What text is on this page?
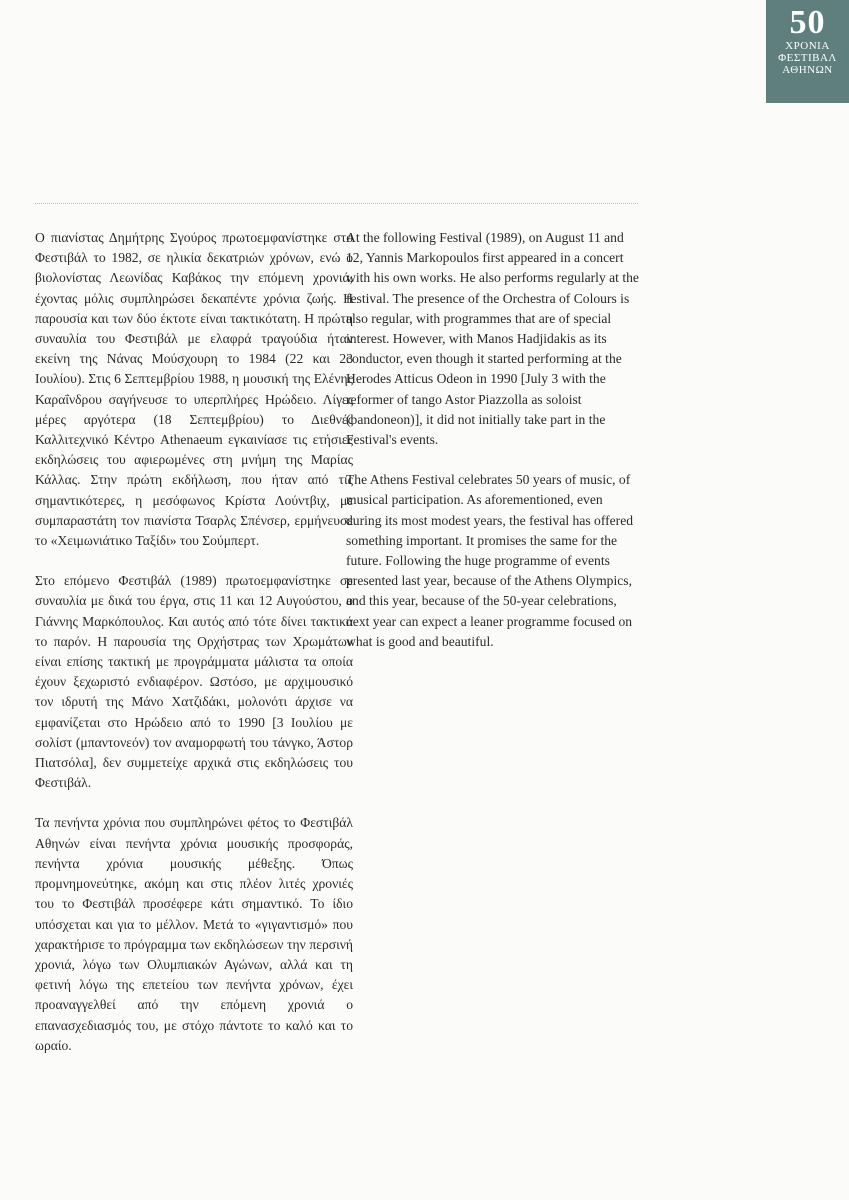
50
ΧΡΟΝΙΑ
ΦΕΣΤΙΒΑΛ
ΑΘΗΝΩΝ

Ο πιανίστας Δημήτρης Σγούρος πρωτοεμφανίστηκε στο Φεστιβάλ το 1982, σε ηλικία δεκατριών χρόνων, ενώ ο βιολονίστας Λεωνίδας Καβάκος την επόμενη χρονιά, έχοντας μόλις συμπληρώσει δεκαπέντε χρόνια ζωής. Η παρουσία και των δύο έκτοτε είναι τακτικότατη. Η πρώτη συναυλία του Φεστιβάλ με ελαφρά τραγούδια ήταν εκείνη της Νάνας Μούσχουρη το 1984 (22 και 23 Ιουλίου). Στις 6 Σεπτεμβρίου 1988, η μουσική της Ελένης Καραΐνδρου σαγήνευσε το υπερπλήρες Ηρώδειο. Λίγες μέρες αργότερα (18 Σεπτεμβρίου) το Διεθνές Καλλιτεχνικό Κέντρο Athenaeum εγκαινίασε τις ετήσιες εκδηλώσεις του αφιερωμένες στη μνήμη της Μαρίας Κάλλας. Στην πρώτη εκδήλωση, που ήταν από τις σημαντικότερες, η μεσόφωνος Κρίστα Λούντβιχ, με συμπαραστάτη τον πιανίστα Τσαρλς Σπένσερ, ερμήνευσε το «Χειμωνιάτικο Ταξίδι» του Σούμπερτ.

Στο επόμενο Φεστιβάλ (1989) πρωτοεμφανίστηκε σε συναυλία με δικά του έργα, στις 11 και 12 Αυγούστου, ο Γιάννης Μαρκόπουλος. Και αυτός από τότε δίνει τακτικά το παρόν. Η παρουσία της Ορχήστρας των Χρωμάτων είναι επίσης τακτική με προγράμματα μάλιστα τα οποία έχουν ξεχωριστό ενδιαφέρον. Ωστόσο, με αρχιμουσικό τον ιδρυτή της Μάνο Χατζιδάκι, μολονότι άρχισε να εμφανίζεται στο Ηρώδειο από το 1990 [3 Ιουλίου με σολίστ (μπαντονεόν) τον αναμορφωτή του τάνγκο, Άστορ Πιατσόλα], δεν συμμετείχε αρχικά στις εκδηλώσεις του Φεστιβάλ.

Τα πενήντα χρόνια που συμπληρώνει φέτος το Φεστιβάλ Αθηνών είναι πενήντα χρόνια μουσικής προσφοράς, πενήντα χρόνια μουσικής μέθεξης. Όπως προμνημονεύτηκε, ακόμη και στις πλέον λιτές χρονιές του το Φεστιβάλ προσέφερε κάτι σημαντικό. Το ίδιο υπόσχεται και για το μέλλον. Μετά το «γιγαντισμό» που χαρακτήρισε το πρόγραμμα των εκδηλώσεων την περσινή χρονιά, λόγω των Ολυμπιακών Αγώνων, αλλά και τη φετινή λόγω της επετείου των πενήντα χρόνων, έχει προαναγγελθεί από την επόμενη χρονιά ο επανασχεδιασμός του, με στόχο πάντοτε το καλό και το ωραίο.

At the following Festival (1989), on August 11 and 12, Yannis Markopoulos first appeared in a concert with his own works. He also performs regularly at the festival. The presence of the Orchestra of Colours is also regular, with programmes that are of special interest. However, with Manos Hadjidakis as its conductor, even though it started performing at the Herodes Atticus Odeon in 1990 [July 3 with the reformer of tango Astor Piazzolla as soloist (bandoneon)], it did not initially take part in the Festival's events.

The Athens Festival celebrates 50 years of music, of musical participation. As aforementioned, even during its most modest years, the festival has offered something important. It promises the same for the future. Following the huge programme of events presented last year, because of the Athens Olympics, and this year, because of the 50-year celebrations, next year can expect a leaner programme focused on what is good and beautiful.
